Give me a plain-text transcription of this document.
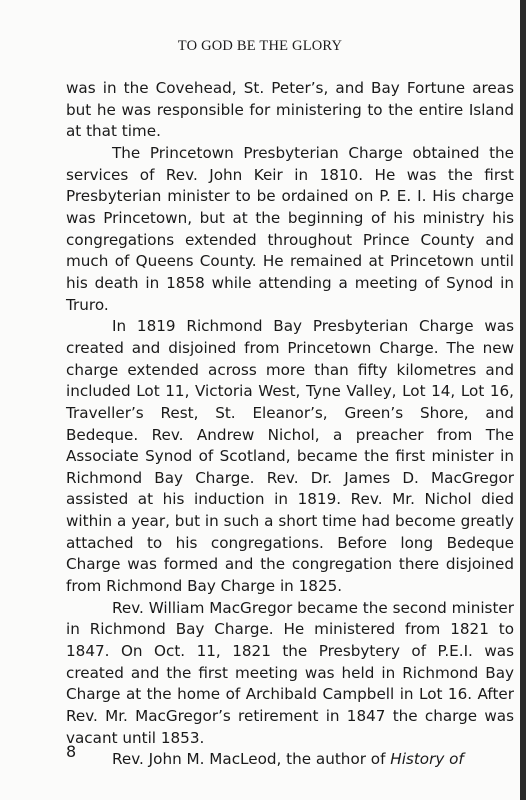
TO GOD BE THE GLORY

was in the Covehead, St. Peter’s, and Bay Fortune areas but he was responsible for ministering to the entire Island at that time.

The Princetown Presbyterian Charge obtained the services of Rev. John Keir in 1810. He was the first Presbyterian minister to be ordained on P. E. I. His charge was Princetown, but at the beginning of his ministry his congregations extended throughout Prince County and much of Queens County. He remained at Princetown until his death in 1858 while attending a meeting of Synod in Truro.

In 1819 Richmond Bay Presbyterian Charge was created and disjoined from Princetown Charge. The new charge extended across more than fifty kilometres and included Lot 11, Victoria West, Tyne Valley, Lot 14, Lot 16, Traveller’s Rest, St. Eleanor’s, Green’s Shore, and Bedeque. Rev. Andrew Nichol, a preacher from The Associate Synod of Scotland, became the first minister in Richmond Bay Charge. Rev. Dr. James D. MacGregor assisted at his induction in 1819. Rev. Mr. Nichol died within a year, but in such a short time had become greatly attached to his congregations. Before long Bedeque Charge was formed and the congregation there disjoined from Richmond Bay Charge in 1825.

Rev. William MacGregor became the second minister in Richmond Bay Charge. He ministered from 1821 to 1847. On Oct. 11, 1821 the Presbytery of P.E.I. was created and the first meeting was held in Richmond Bay Charge at the home of Archibald Campbell in Lot 16. After Rev. Mr. MacGregor’s retirement in 1847 the charge was vacant until 1853.

Rev. John M. MacLeod, the author of History of

8
